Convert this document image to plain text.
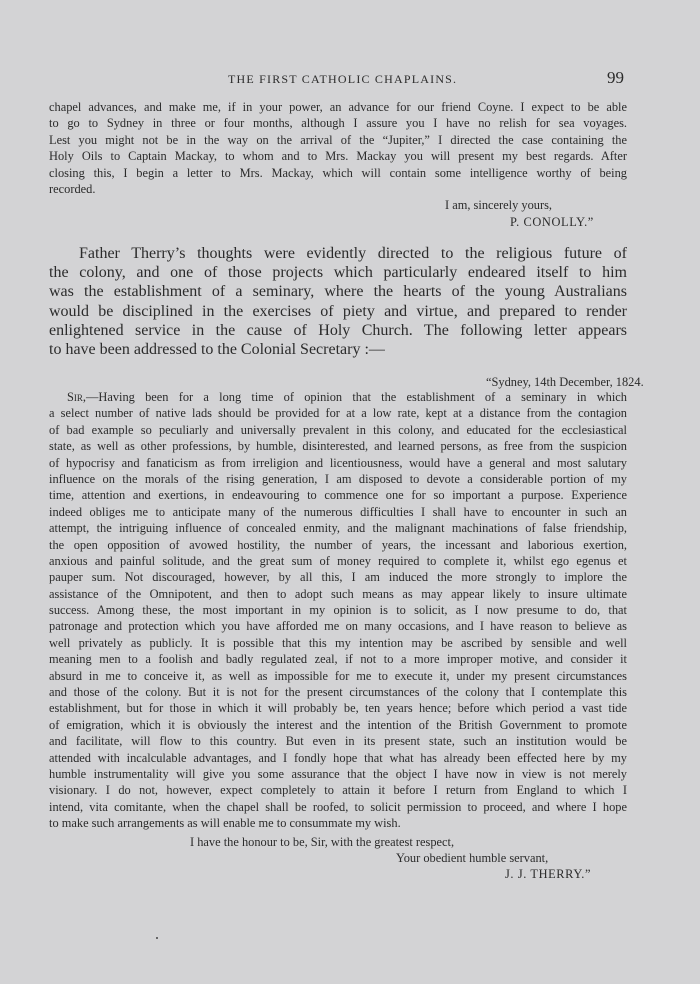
THE FIRST CATHOLIC CHAPLAINS.	99
chapel advances, and make me, if in your power, an advance for our friend Coyne. I expect to be able
to go to Sydney in three or four months, although I assure you I have no relish for sea voyages.
Lest you might not be in the way on the arrival of the “Jupiter,” I directed the case containing the
Holy Oils to Captain Mackay, to whom and to Mrs. Mackay you will present my best regards. After
closing this, I begin a letter to Mrs. Mackay, which will contain some intelligence worthy of being
recorded.
I am, sincerely yours,
P. CONOLLY.”
Father Therry’s thoughts were evidently directed to the religious future of
the colony, and one of those projects which particularly endeared itself to him
was the establishment of a seminary, where the hearts of the young Australians
would be disciplined in the exercises of piety and virtue, and prepared to render
enlightened service in the cause of Holy Church. The following letter appears
to have been addressed to the Colonial Secretary :—
“Sydney, 14th December, 1824.
Sir,—Having been for a long time of opinion that the establishment of a seminary in which
a select number of native lads should be provided for at a low rate, kept at a distance from the contagion
of bad example so peculiarly and universally prevalent in this colony, and educated for the ecclesiastical
state, as well as other professions, by humble, disinterested, and learned persons, as free from the suspicion
of hypocrisy and fanaticism as from irreligion and licentiousness, would have a general and most salutary
influence on the morals of the rising generation, I am disposed to devote a considerable portion of my
time, attention and exertions, in endeavouring to commence one for so important a purpose. Experience
indeed obliges me to anticipate many of the numerous difficulties I shall have to encounter in such an
attempt, the intriguing influence of concealed enmity, and the malignant machinations of false friendship,
the open opposition of avowed hostility, the number of years, the incessant and laborious exertion,
anxious and painful solitude, and the great sum of money required to complete it, whilst ego egenus et
pauper sum. Not discouraged, however, by all this, I am induced the more strongly to implore the
assistance of the Omnipotent, and then to adopt such means as may appear likely to insure ultimate
success. Among these, the most important in my opinion is to solicit, as I now presume to do, that
patronage and protection which you have afforded me on many occasions, and I have reason to believe as
well privately as publicly. It is possible that this my intention may be ascribed by sensible and well
meaning men to a foolish and badly regulated zeal, if not to a more improper motive, and consider it
absurd in me to conceive it, as well as impossible for me to execute it, under my present circumstances
and those of the colony. But it is not for the present circumstances of the colony that I contemplate this
establishment, but for those in which it will probably be, ten years hence; before which period a vast tide
of emigration, which it is obviously the interest and the intention of the British Government to promote
and facilitate, will flow to this country. But even in its present state, such an institution would be
attended with incalculable advantages, and I fondly hope that what has already been effected here by my
humble instrumentality will give you some assurance that the object I have now in view is not merely
visionary. I do not, however, expect completely to attain it before I return from England to which I
intend, vita comitante, when the chapel shall be roofed, to solicit permission to proceed, and where I hope
to make such arrangements as will enable me to consummate my wish.
I have the honour to be, Sir, with the greatest respect,
Your obedient humble servant,
J. J. THERRY.”
